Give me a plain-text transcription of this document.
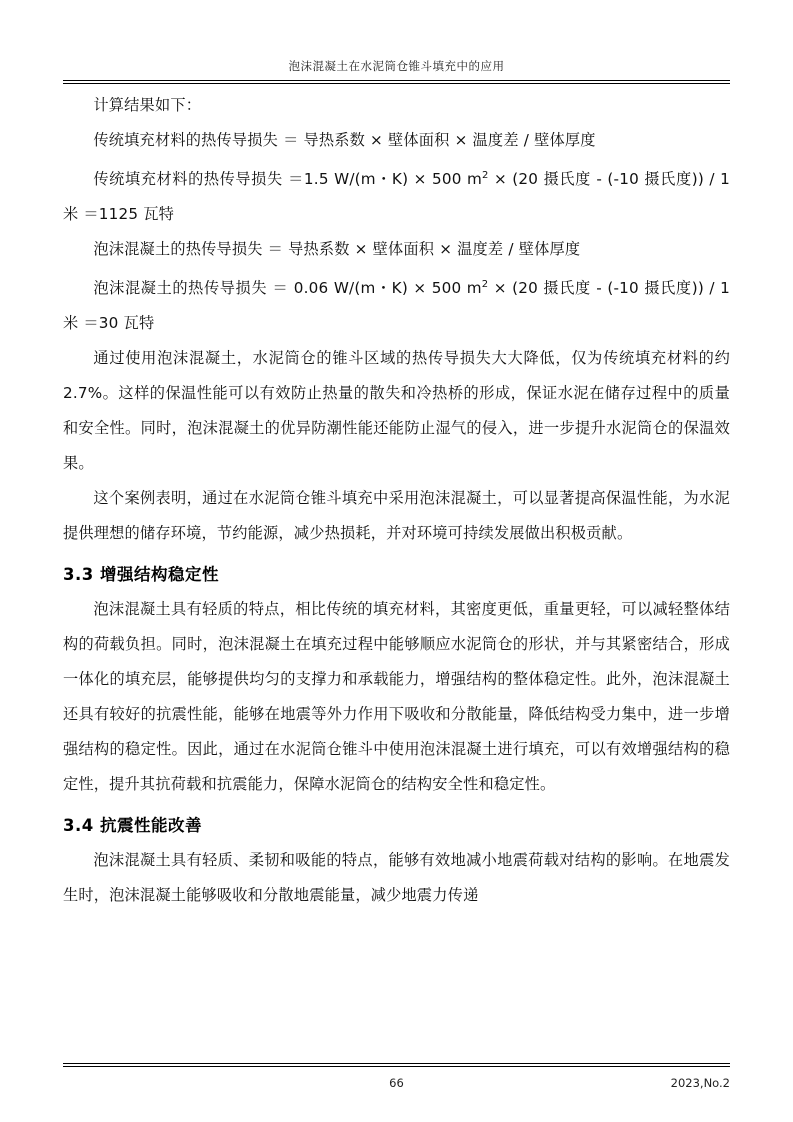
泡沫混凝土在水泥筒仓锥斗填充中的应用

计算结果如下：

传统填充材料的热传导损失 ＝ 导热系数 × 壁体面积 × 温度差 / 壁体厚度

传统填充材料的热传导损失 ＝1.5 W/(m・K) × 500 $m^2 \times (20$ 摄氏度 - (-10 摄氏度)) / 1 米 ＝1125 瓦特

泡沫混凝土的热传导损失 ＝ 导热系数 × 壁体面积 × 温度差 / 壁体厚度

泡沫混凝土的热传导损失 ＝ 0.06 W/(m・K) × 500 $m^2 \times (20$ 摄氏度 - (-10 摄氏度)) / 1 米 ＝30 瓦特

通过使用泡沫混凝土，水泥筒仓的锥斗区域的热传导损失大大降低，仅为传统填充材料的约 2.7%。这样的保温性能可以有效防止热量的散失和冷热桥的形成，保证水泥在储存过程中的质量和安全性。同时，泡沫混凝土的优异防潮性能还能防止湿气的侵入，进一步提升水泥筒仓的保温效果。

这个案例表明，通过在水泥筒仓锥斗填充中采用泡沫混凝土，可以显著提高保温性能，为水泥提供理想的储存环境，节约能源，减少热损耗，并对环境可持续发展做出积极贡献。

3.3 增强结构稳定性

泡沫混凝土具有轻质的特点，相比传统的填充材料，其密度更低，重量更轻，可以减轻整体结构的荷载负担。同时，泡沫混凝土在填充过程中能够顺应水泥筒仓的形状，并与其紧密结合，形成一体化的填充层，能够提供均匀的支撑力和承载能力，增强结构的整体稳定性。此外，泡沫混凝土还具有较好的抗震性能，能够在地震等外力作用下吸收和分散能量，降低结构受力集中，进一步增强结构的稳定性。因此，通过在水泥筒仓锥斗中使用泡沫混凝土进行填充，可以有效增强结构的稳定性，提升其抗荷载和抗震能力，保障水泥筒仓的结构安全性和稳定性。

3.4 抗震性能改善

泡沫混凝土具有轻质、柔韧和吸能的特点，能够有效地减小地震荷载对结构的影响。在地震发生时，泡沫混凝土能够吸收和分散地震能量，减少地震力传递

66	2023,No.2
